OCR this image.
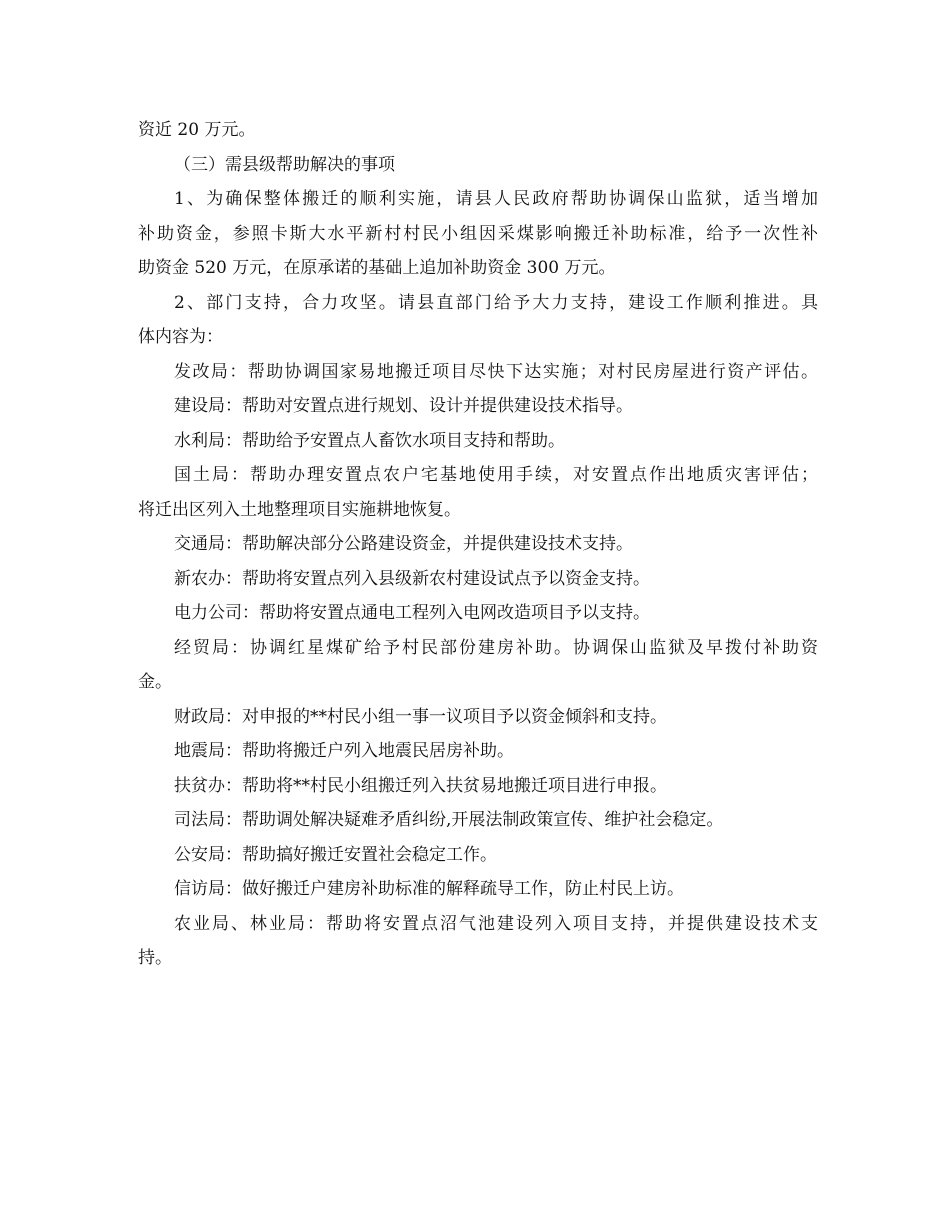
资近 20 万元。
（三）需县级帮助解决的事项
1、为确保整体搬迁的顺利实施，请县人民政府帮助协调保山监狱，适当增加
补助资金，参照卡斯大水平新村村民小组因采煤影响搬迁补助标准，给予一次性补
助资金 520 万元，在原承诺的基础上追加补助资金 300 万元。
2、部门支持，合力攻坚。请县直部门给予大力支持，建设工作顺利推进。具
体内容为：
发改局：帮助协调国家易地搬迁项目尽快下达实施；对村民房屋进行资产评估。
建设局：帮助对安置点进行规划、设计并提供建设技术指导。
水利局：帮助给予安置点人畜饮水项目支持和帮助。
国土局：帮助办理安置点农户宅基地使用手续，对安置点作出地质灾害评估；
将迁出区列入土地整理项目实施耕地恢复。
交通局：帮助解决部分公路建设资金，并提供建设技术支持。
新农办：帮助将安置点列入县级新农村建设试点予以资金支持。
电力公司：帮助将安置点通电工程列入电网改造项目予以支持。
经贸局：协调红星煤矿给予村民部份建房补助。协调保山监狱及早拨付补助资
金。
财政局：对申报的**村民小组一事一议项目予以资金倾斜和支持。
地震局：帮助将搬迁户列入地震民居房补助。
扶贫办：帮助将**村民小组搬迁列入扶贫易地搬迁项目进行申报。
司法局：帮助调处解决疑难矛盾纠纷,开展法制政策宣传、维护社会稳定。
公安局：帮助搞好搬迁安置社会稳定工作。
信访局：做好搬迁户建房补助标准的解释疏导工作，防止村民上访。
农业局、林业局：帮助将安置点沼气池建设列入项目支持，并提供建设技术支
持。
